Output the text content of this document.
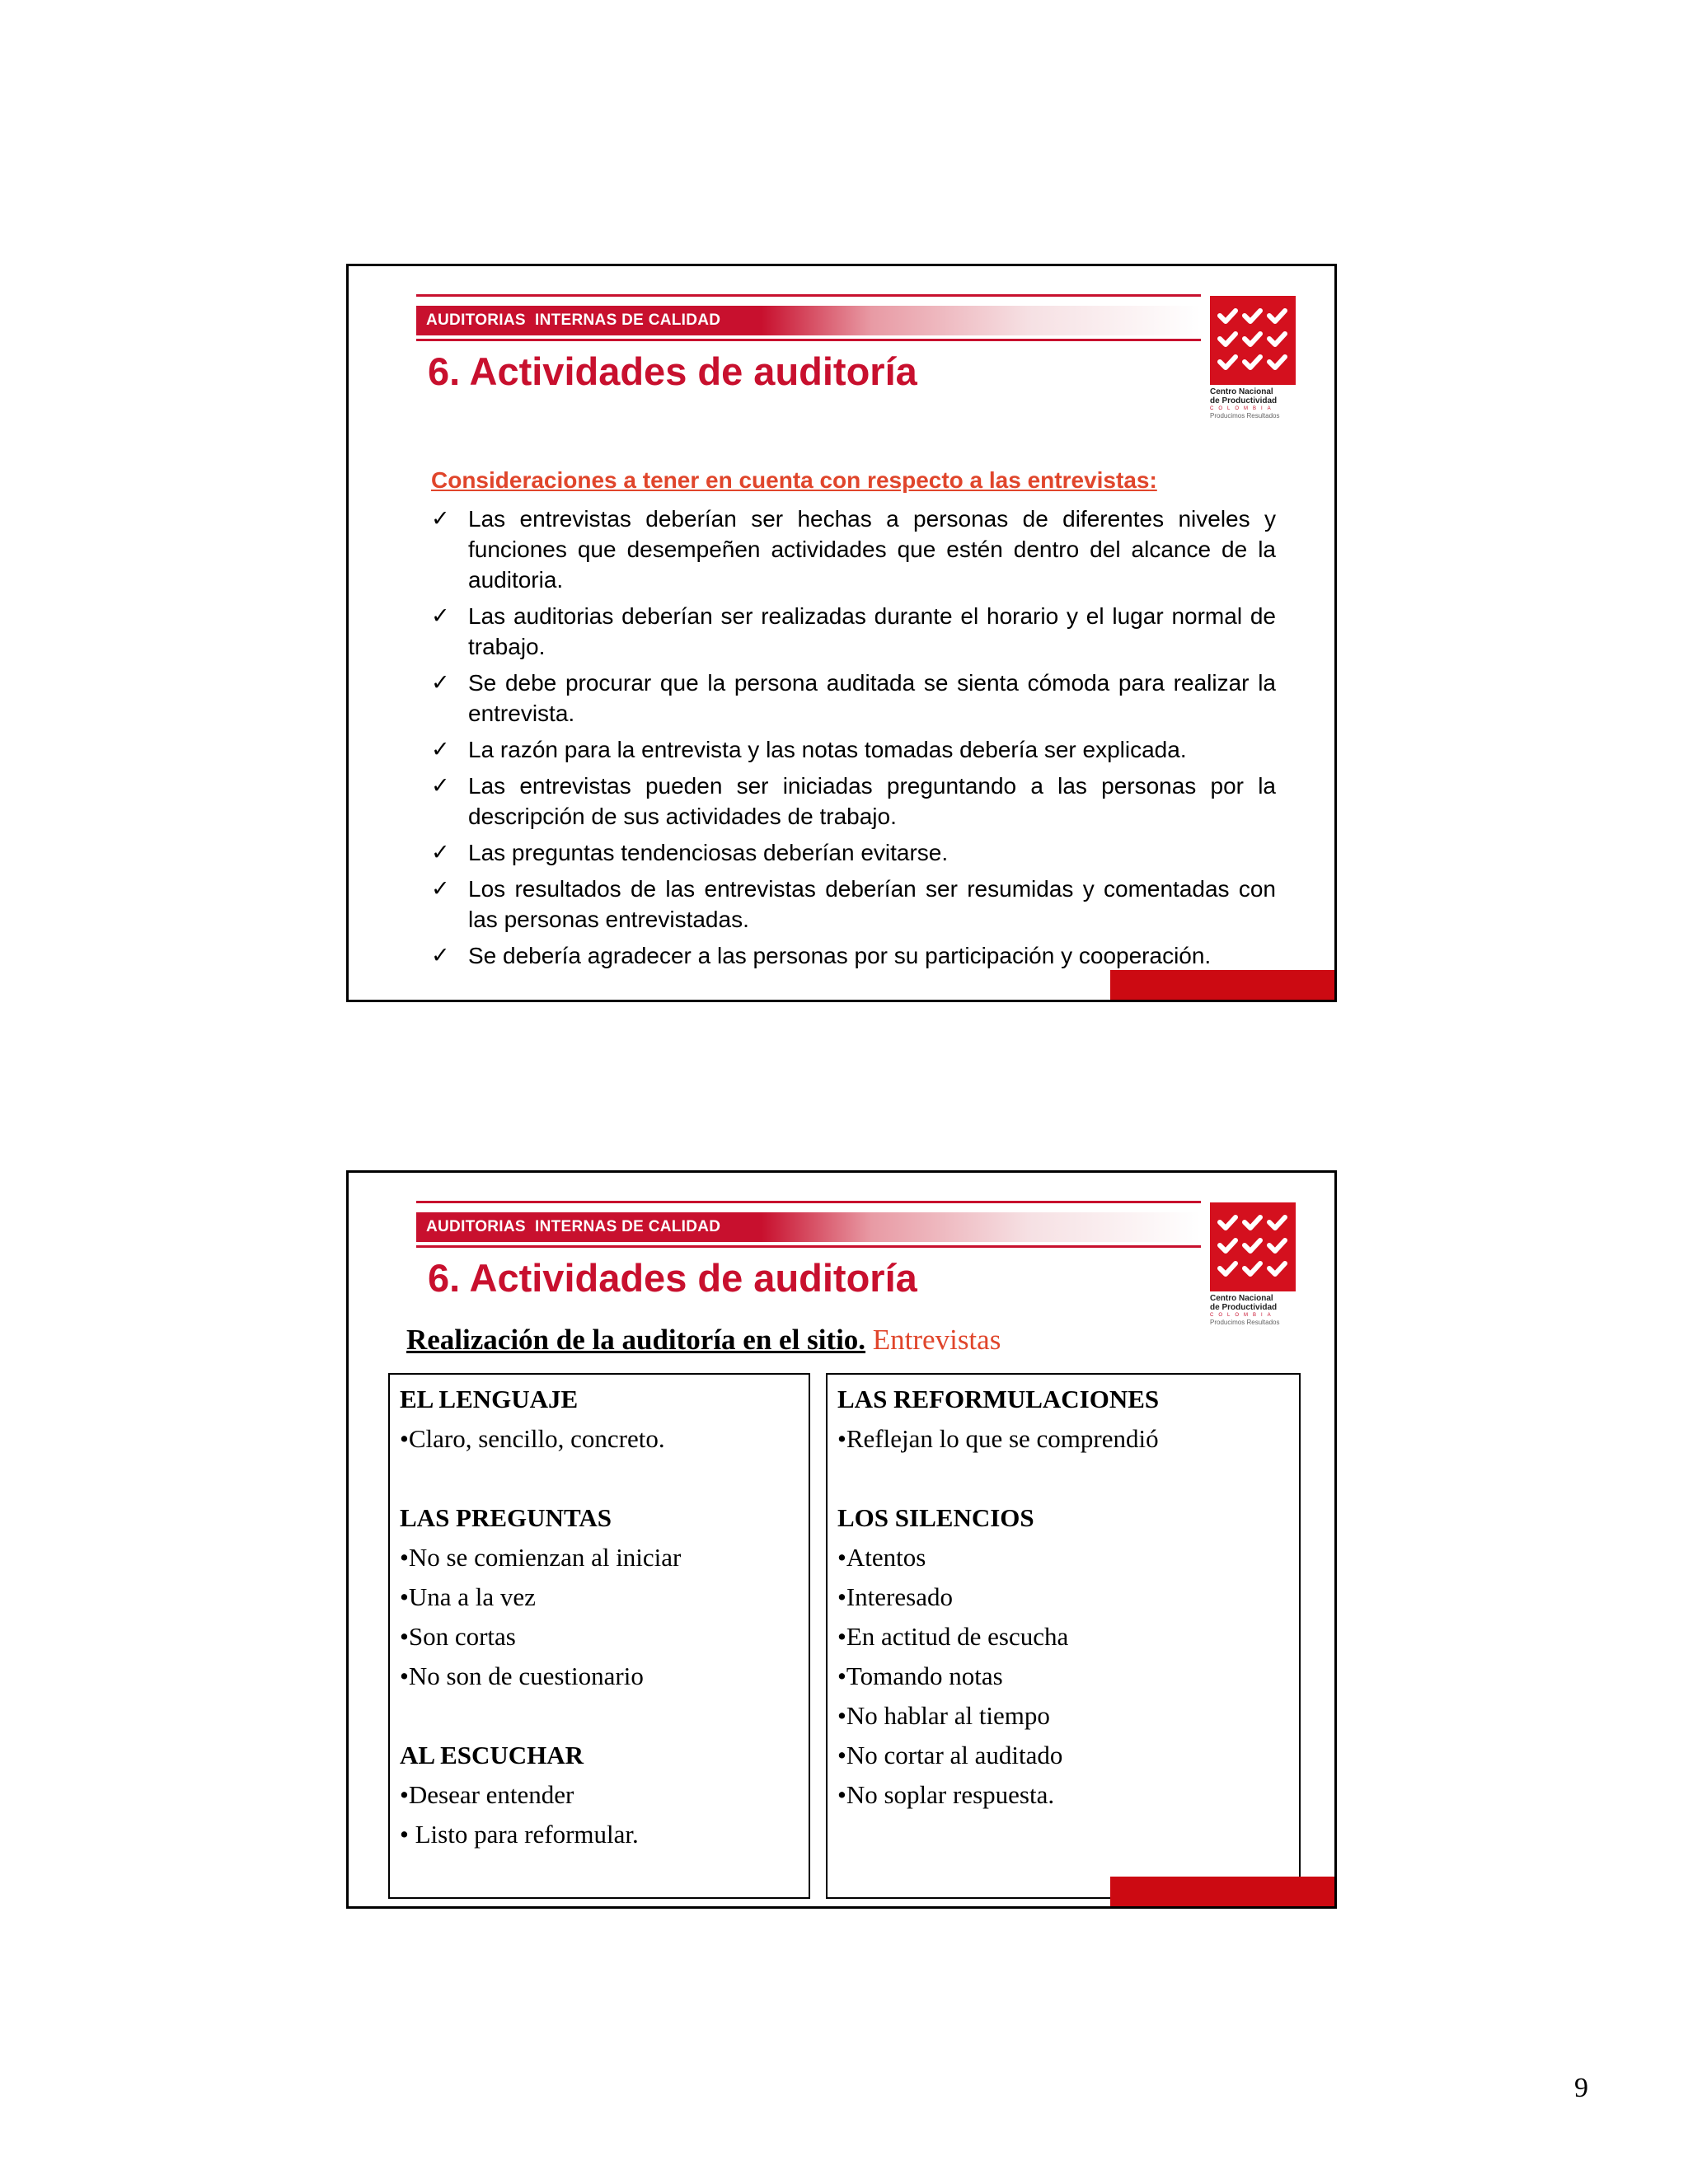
AUDITORIAS  INTERNAS DE CALIDAD
Centro Nacional
de Productividad
COLOMBIA
Producimos Resultados
6. Actividades de auditoría
Consideraciones a tener en cuenta con respecto a las entrevistas:
✓ Las entrevistas deberían ser hechas a personas de diferentes niveles y funciones que desempeñen actividades que estén dentro del alcance de la auditoria.
✓ Las auditorias deberían ser realizadas durante el horario y el lugar normal de trabajo.
✓ Se debe procurar que la persona auditada se sienta cómoda para realizar la entrevista.
✓ La razón para la entrevista y las notas tomadas debería ser explicada.
✓ Las entrevistas pueden ser iniciadas preguntando a las personas por la descripción de sus actividades de trabajo.
✓ Las preguntas tendenciosas deberían evitarse.
✓ Los resultados de las entrevistas deberían ser resumidas y comentadas con las personas entrevistadas.
✓ Se debería agradecer a las personas por su participación y cooperación.
AUDITORIAS  INTERNAS DE CALIDAD
Centro Nacional
de Productividad
COLOMBIA
Producimos Resultados
6. Actividades de auditoría
Realización de la auditoría en el sitio. Entrevistas
EL LENGUAJE
•Claro, sencillo, concreto.
LAS PREGUNTAS
•No se comienzan al iniciar
•Una a la vez
•Son cortas
•No son de cuestionario
AL ESCUCHAR
•Desear entender
• Listo para reformular.
LAS REFORMULACIONES
•Reflejan lo que se comprendió
LOS SILENCIOS
•Atentos
•Interesado
•En actitud de escucha
•Tomando notas
•No hablar al tiempo
•No cortar al auditado
•No soplar respuesta.
9
